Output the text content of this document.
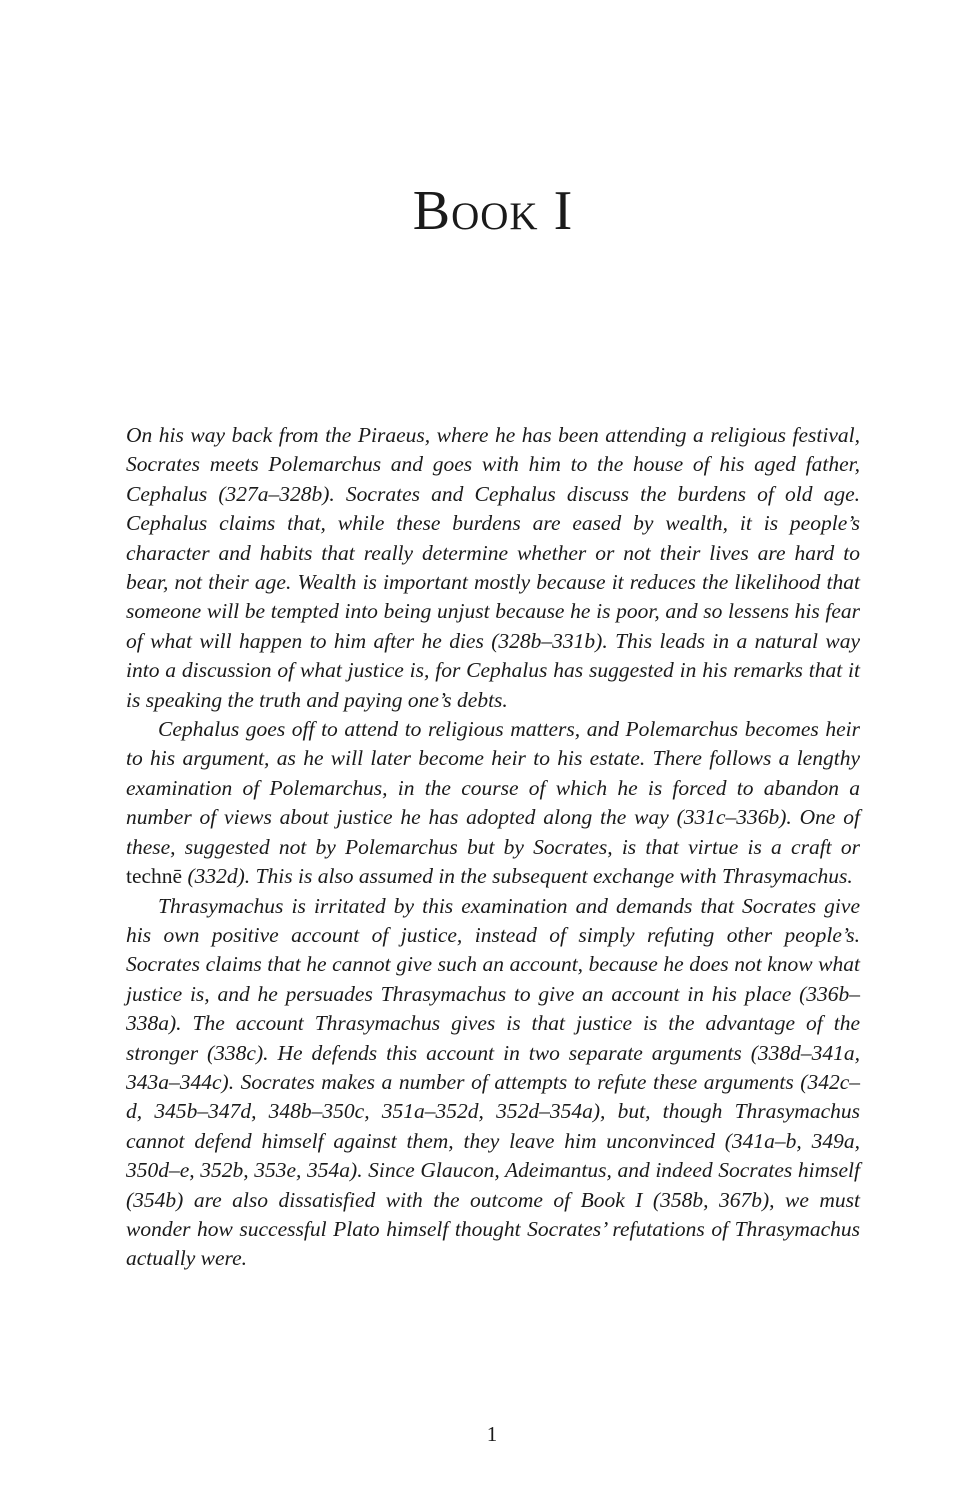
Book I

On his way back from the Piraeus, where he has been attending a religious festival, Socrates meets Polemarchus and goes with him to the house of his aged father, Cephalus (327a–328b). Socrates and Cephalus discuss the burdens of old age. Cephalus claims that, while these burdens are eased by wealth, it is people’s character and habits that really determine whether or not their lives are hard to bear, not their age. Wealth is important mostly because it reduces the likelihood that someone will be tempted into being unjust because he is poor, and so lessens his fear of what will happen to him after he dies (328b–331b). This leads in a natural way into a discussion of what justice is, for Cephalus has suggested in his remarks that it is speaking the truth and paying one’s debts.

Cephalus goes off to attend to religious matters, and Polemarchus becomes heir to his argument, as he will later become heir to his estate. There follows a lengthy examination of Polemarchus, in the course of which he is forced to abandon a number of views about justice he has adopted along the way (331c–336b). One of these, suggested not by Polemarchus but by Socrates, is that virtue is a craft or technē (332d). This is also assumed in the subsequent exchange with Thrasymachus.

Thrasymachus is irritated by this examination and demands that Socrates give his own positive account of justice, instead of simply refuting other people’s. Socrates claims that he cannot give such an account, because he does not know what justice is, and he persuades Thrasymachus to give an account in his place (336b–338a). The account Thrasymachus gives is that justice is the advantage of the stronger (338c). He defends this account in two separate arguments (338d–341a, 343a–344c). Socrates makes a number of attempts to refute these arguments (342c–d, 345b–347d, 348b–350c, 351a–352d, 352d–354a), but, though Thrasymachus cannot defend himself against them, they leave him unconvinced (341a–b, 349a, 350d–e, 352b, 353e, 354a). Since Glaucon, Adeimantus, and indeed Socrates himself (354b) are also dissatisfied with the outcome of Book I (358b, 367b), we must wonder how successful Plato himself thought Socrates’ refutations of Thrasymachus actually were.

1
